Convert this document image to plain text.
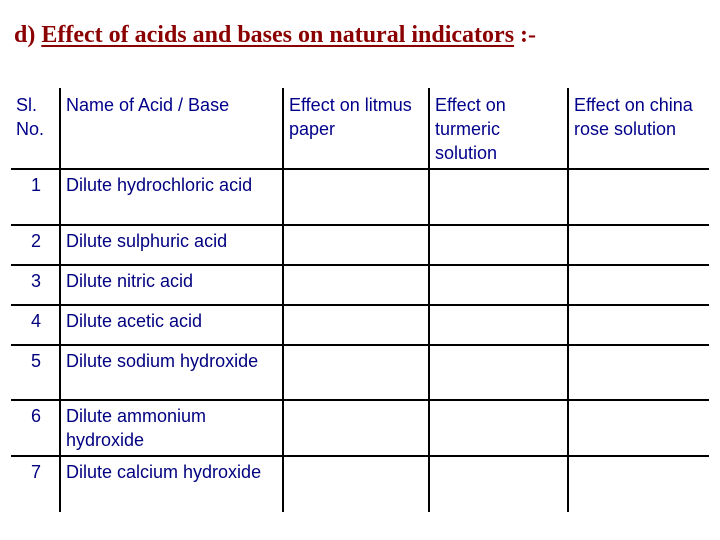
d) Effect of acids and bases on natural indicators :-
Sl. No.	Name of Acid / Base	Effect on litmus paper	Effect on turmeric solution	Effect on china rose solution
1	Dilute hydrochloric acid			
2	Dilute sulphuric acid			
3	Dilute nitric acid			
4	Dilute acetic acid			
5	Dilute sodium hydroxide			
6	Dilute ammonium hydroxide			
7	Dilute calcium hydroxide			
